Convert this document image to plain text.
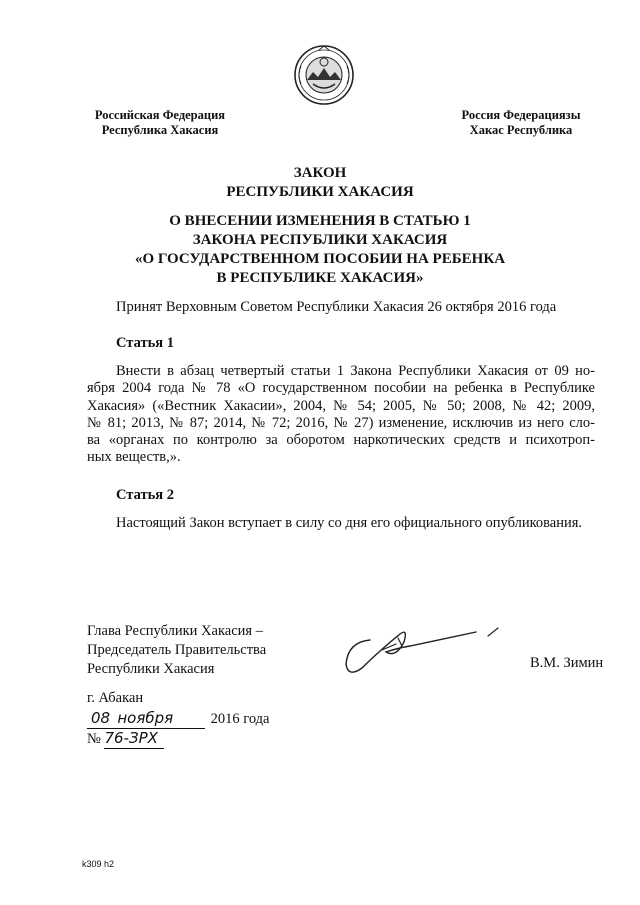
Российская Федерация
Республика Хакасия
Россия Федерациязы
Хакас Республика
ЗАКОН
РЕСПУБЛИКИ ХАКАСИЯ
О ВНЕСЕНИИ ИЗМЕНЕНИЯ В СТАТЬЮ 1
ЗАКОНА РЕСПУБЛИКИ ХАКАСИЯ
«О ГОСУДАРСТВЕННОМ ПОСОБИИ НА РЕБЕНКА
В РЕСПУБЛИКЕ ХАКАСИЯ»
Принят Верховным Советом Республики Хакасия 26 октября 2016 года
Статья 1
Внести в абзац четвертый статьи 1 Закона Республики Хакасия от 09 но-
ября 2004 года № 78 «О государственном пособии на ребенка в Республике
Хакасия» («Вестник Хакасии», 2004, № 54; 2005, № 50; 2008, № 42; 2009,
№ 81; 2013, № 87; 2014, № 72; 2016, № 27) изменение, исключив из него сло-
ва «органах по контролю за оборотом наркотических средств и психотроп-
ных веществ,».
Статья 2
Настоящий Закон вступает в силу со дня его официального опубликования.
Глава Республики Хакасия –
Председатель Правительства
Республики Хакасия	В.М. Зимин
г. Абакан
08 ноября	2016 года
№ 76-ЗРХ
k309 h2
